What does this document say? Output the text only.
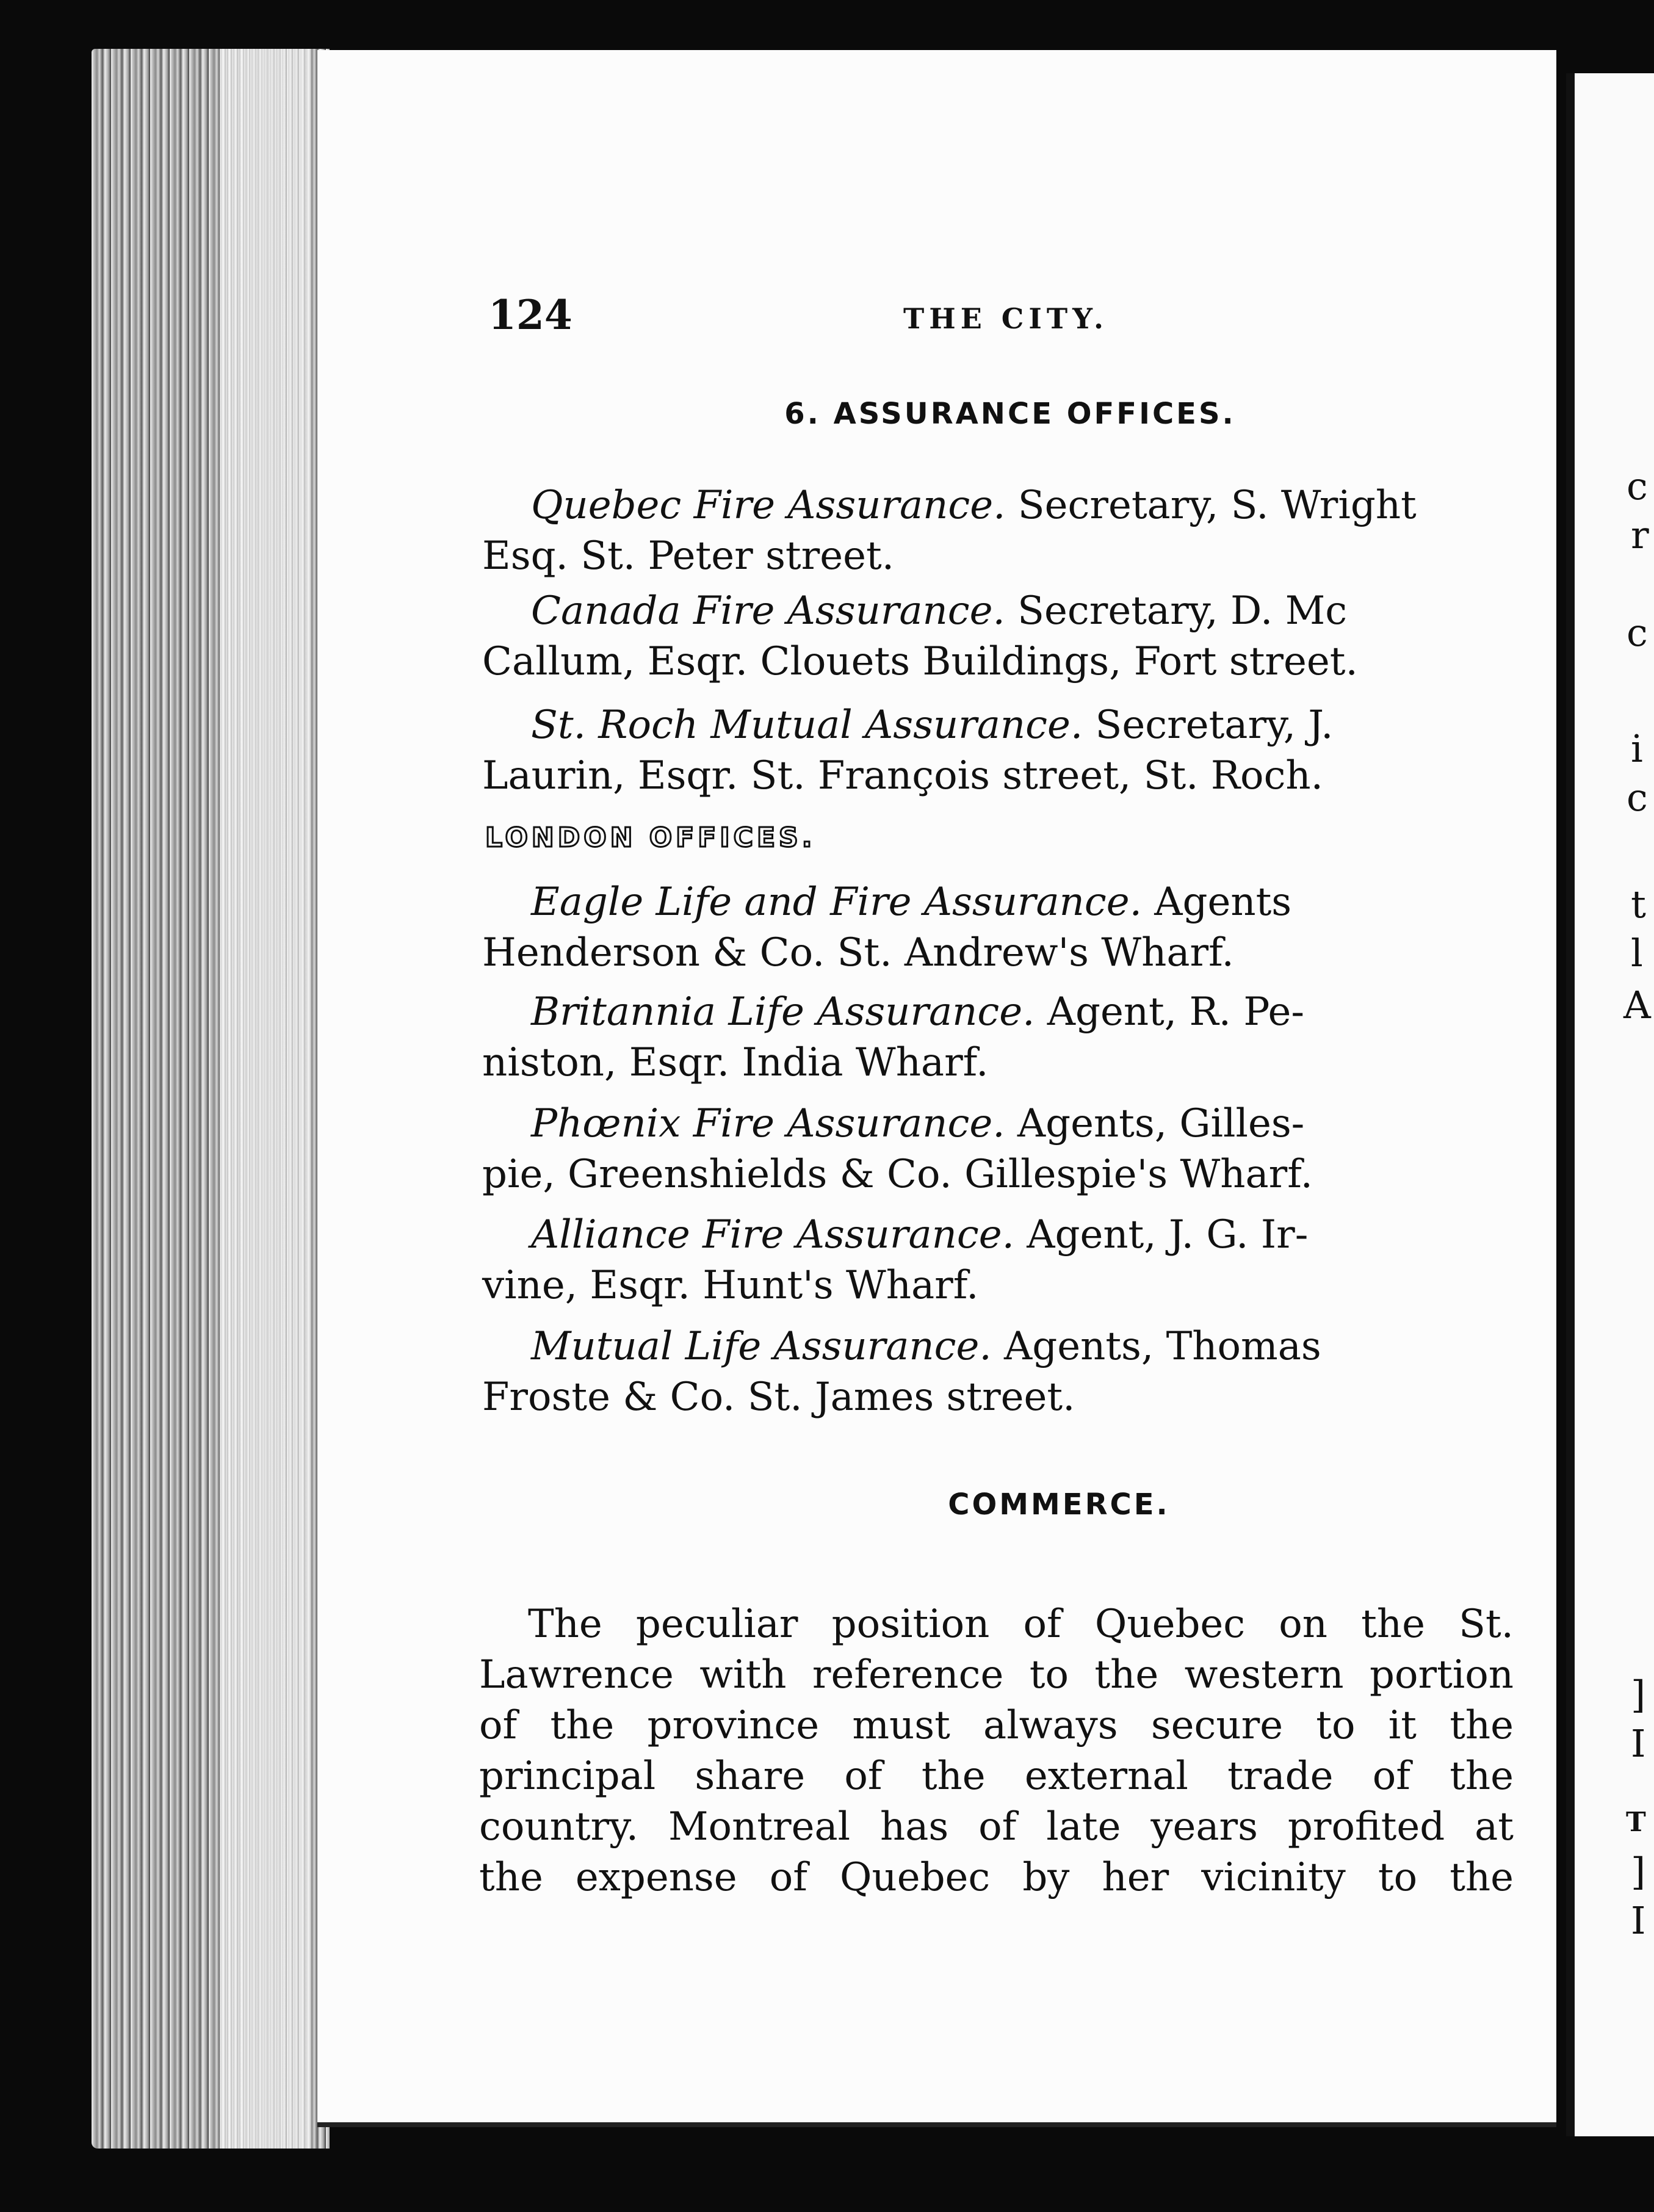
124	THE CITY.
6. ASSURANCE OFFICES.
Quebec Fire Assurance. Secretary, S. Wright
Esq. St. Peter street.
Canada Fire Assurance. Secretary, D. Mc
Callum, Esqr. Clouets Buildings, Fort street.
St. Roch Mutual Assurance. Secretary, J.
Laurin, Esqr. St. François street, St. Roch.
LONDON OFFICES.
Eagle Life and Fire Assurance. Agents
Henderson & Co. St. Andrew's Wharf.
Britannia Life Assurance. Agent, R. Pe-
niston, Esqr. India Wharf.
Phœnix Fire Assurance. Agents, Gilles-
pie, Greenshields & Co. Gillespie's Wharf.
Alliance Fire Assurance. Agent, J. G. Ir-
vine, Esqr. Hunt's Wharf.
Mutual Life Assurance. Agents, Thomas
Froste & Co. St. James street.
COMMERCE.
The peculiar position of Quebec on the St.
Lawrence with reference to the western portion
of the province must always secure to it the
principal share of the external trade of the
country. Montreal has of late years profited at
the expense of Quebec by her vicinity to the
c
r
c
i
c
t
l
A
]
I
T
]
I
